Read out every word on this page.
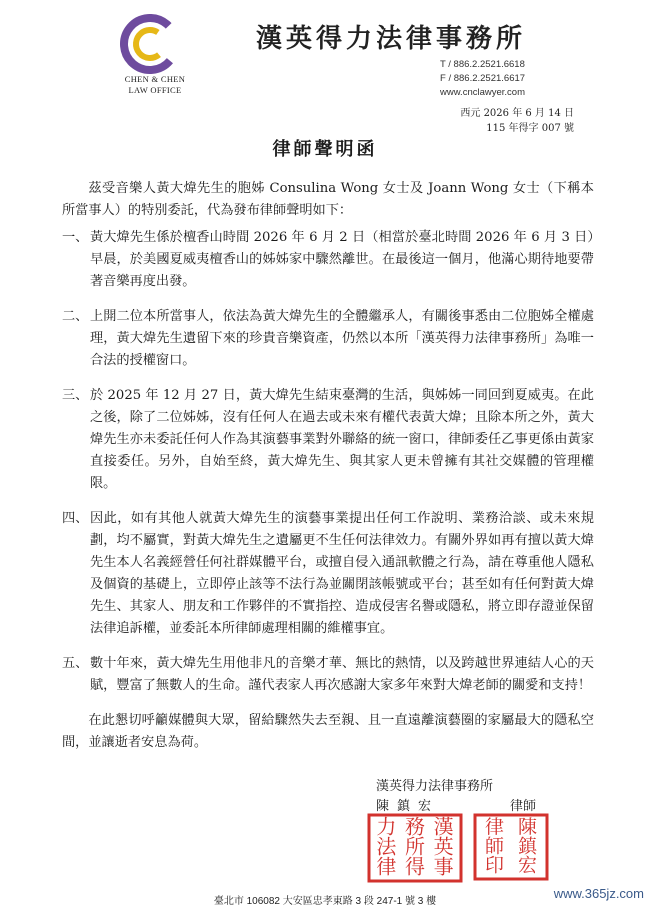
CHEN & CHEN
LAW OFFICE
漢英得力法律事務所
T / 886.2.2521.6618
F / 886.2.2521.6617
www.cnclawyer.com
西元 2026 年 6 月 14 日
115 年得字 007 號
律師聲明函

茲受音樂人黃大煒先生的胞姊 Consulina Wong 女士及 Joann Wong 女士（下稱本所當事人）的特別委託，代為發布律師聲明如下：

一、 黃大煒先生係於檀香山時間 2026 年 6 月 2 日（相當於臺北時間 2026 年 6 月 3 日）早晨，於美國夏威夷檀香山的姊姊家中驟然離世。在最後這一個月，他滿心期待地要帶著音樂再度出發。
二、 上開二位本所當事人，依法為黃大煒先生的全體繼承人，有關後事悉由二位胞姊全權處理，黃大煒先生遺留下來的珍貴音樂資產，仍然以本所「漢英得力法律事務所」為唯一合法的授權窗口。
三、 於 2025 年 12 月 27 日，黃大煒先生結束臺灣的生活，與姊姊一同回到夏威夷。在此之後，除了二位姊姊，沒有任何人在過去或未來有權代表黃大煒；且除本所之外，黃大煒先生亦未委託任何人作為其演藝事業對外聯絡的統一窗口，律師委任乙事更係由黃家直接委任。另外，自始至終，黃大煒先生、與其家人更未曾擁有其社交媒體的管理權限。
四、 因此，如有其他人就黃大煒先生的演藝事業提出任何工作說明、業務洽談、或未來規劃，均不屬實，對黃大煒先生之遺屬更不生任何法律效力。有關外界如再有擅以黃大煒先生本人名義經營任何社群媒體平台，或擅自侵入通訊軟體之行為，請在尊重他人隱私及個資的基礎上，立即停止該等不法行為並關閉該帳號或平台；甚至如有任何對黃大煒先生、其家人、朋友和工作夥伴的不實指控、造成侵害名譽或隱私，將立即存證並保留法律追訴權，並委託本所律師處理相關的維權事宜。
五、 數十年來，黃大煒先生用他非凡的音樂才華、無比的熱情，以及跨越世界連結人心的天賦，豐富了無數人的生命。謹代表家人再次感謝大家多年來對大煒老師的關愛和支持！

在此懇切呼籲媒體與大眾，留給驟然失去至親、且一直遠離演藝圈的家屬最大的隱私空間，並讓逝者安息為荷。

漢英得力法律事務所
陳鎮宏	律師
漢
英
事
務
所
得
力
法
律
陳
鎮
宏
律
師
印
臺北市 106082 大安區忠孝東路 3 段 247-1 號 3 樓
www.365jz.com
